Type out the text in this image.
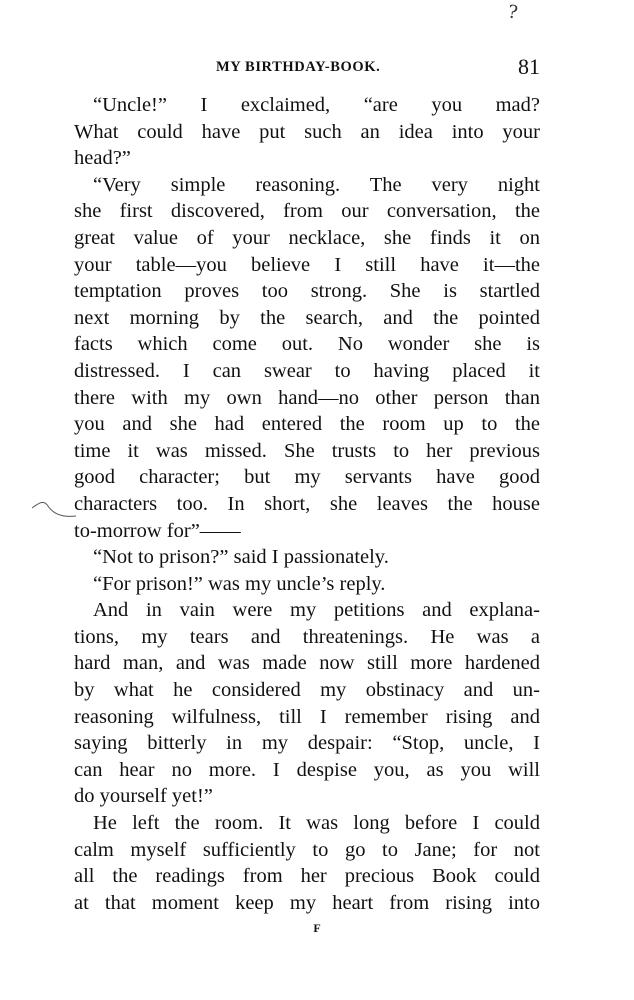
?
MY BIRTHDAY-BOOK.	81
“Uncle!” I exclaimed, “are you mad?
What could have put such an idea into your
head?”
“Very simple reasoning. The very night
she first discovered, from our conversation, the
great value of your necklace, she finds it on
your table—you believe I still have it—the
temptation proves too strong. She is startled
next morning by the search, and the pointed
facts which come out. No wonder she is
distressed. I can swear to having placed it
there with my own hand—no other person than
you and she had entered the room up to the
time it was missed. She trusts to her previous
good character; but my servants have good
characters too. In short, she leaves the house
to-morrow for”——
“Not to prison?” said I passionately.
“For prison!” was my uncle’s reply.
And in vain were my petitions and explana-
tions, my tears and threatenings. He was a
hard man, and was made now still more hardened
by what he considered my obstinacy and un-
reasoning wilfulness, till I remember rising and
saying bitterly in my despair: “Stop, uncle, I
can hear no more. I despise you, as you will
do yourself yet!”
He left the room. It was long before I could
calm myself sufficiently to go to Jane; for not
all the readings from her precious Book could
at that moment keep my heart from rising into
F
